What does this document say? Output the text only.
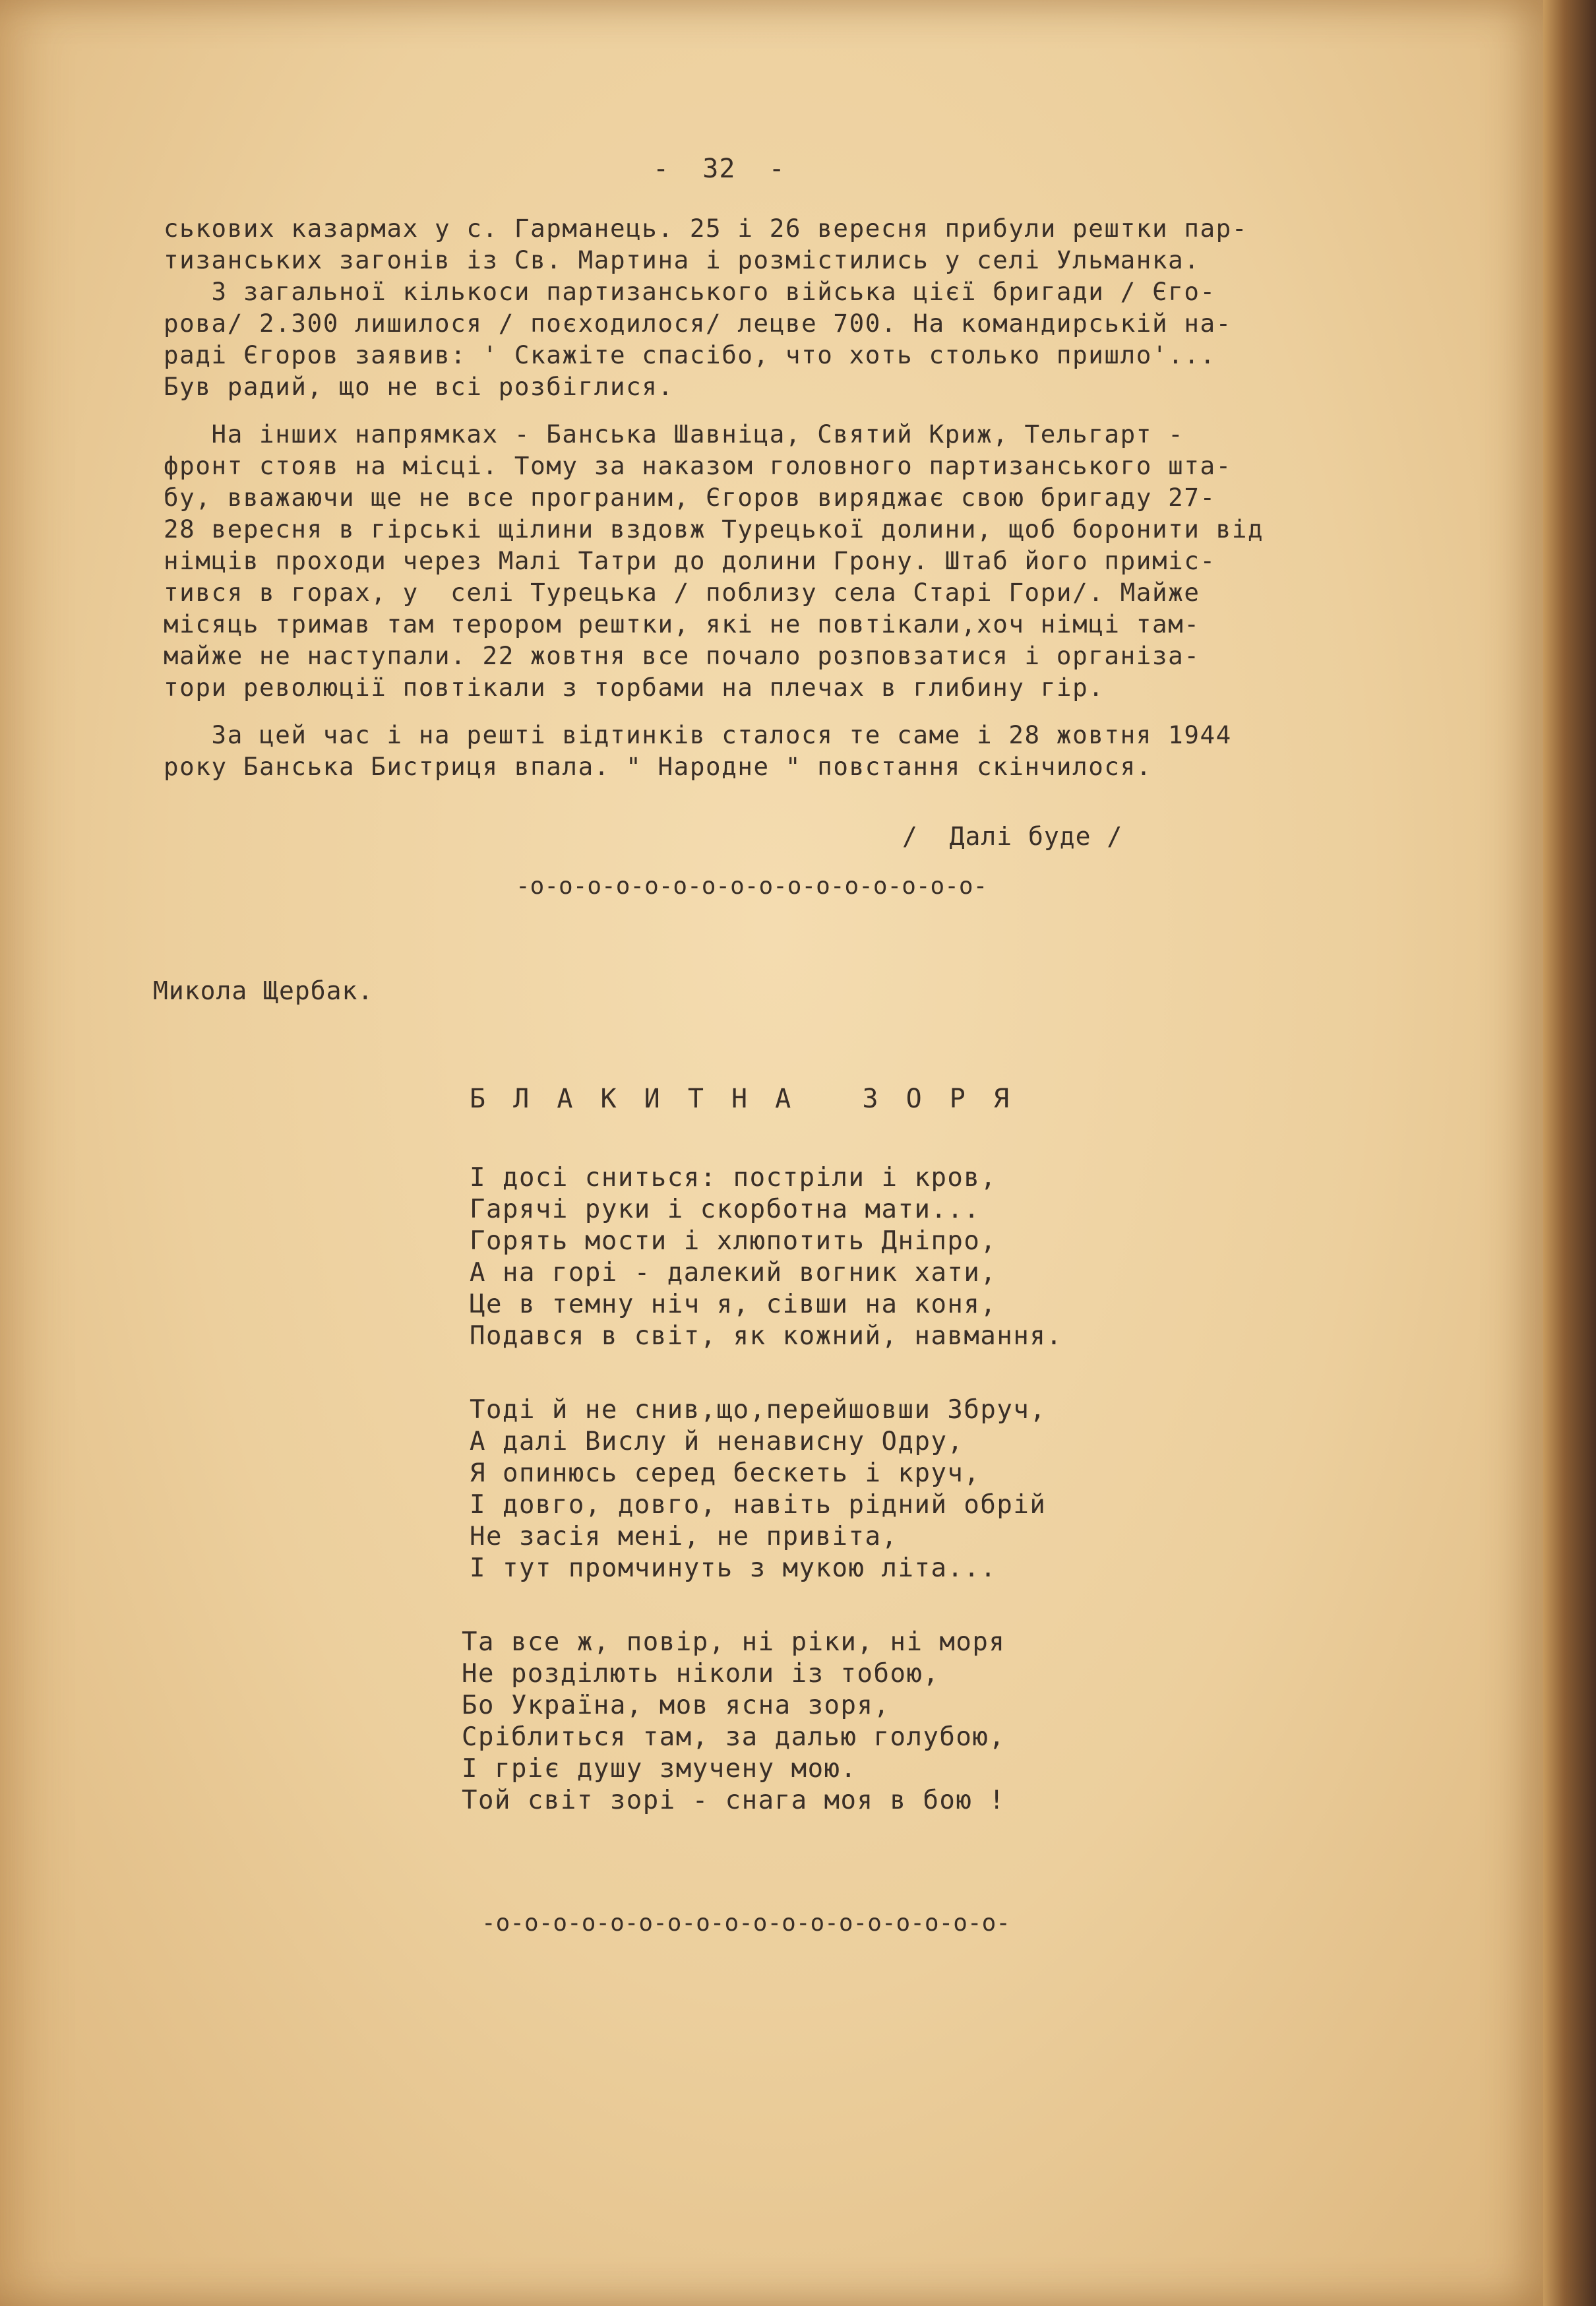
-  32  -
ськових казармах у с. Гарманець. 25 і 26 вересня прибули рештки пар-
тизанських загонів із Св. Мартина і розмістились у селі Ульманка.
З загальної кількоси партизанського війська цієї бригади / Єго-
рова/ 2.300 лишилося / поєходилося/ лецве 700. На командирській на-
раді Єгоров заявив: ' Скажіте спасібо, что хоть столько пришло'...
Був радий, що не всі розбіглися.
На інших напрямках - Банська Шавніца, Святий Криж, Тельгарт -
фронт стояв на місці. Тому за наказом головного партизанського шта-
бу, вважаючи ще не все програним, Єгоров виряджає свою бригаду 27-
28 вересня в гірські щілини вздовж Турецької долини, щоб боронити від
німців проходи через Малі Татри до долини Грону. Штаб його приміс-
тився в горах, у  селі Турецька / поблизу села Старі Гори/. Майже
місяць тримав там терором рештки, які не повтікали,хоч німці там-
майже не наступали. 22 жовтня все почало розповзатися і організа-
тори революції повтікали з торбами на плечах в глибину гір.
За цей час і на решті відтинків сталося те саме і 28 жовтня 1944
року Банська Бистриця впала. " Народне " повстання скінчилося.
/  Далі буде /
-o-o-o-o-o-o-o-o-o-o-o-o-o-o-o-o-
Микола Щербак.
Б Л А К И Т Н А   З О Р Я
І досі сниться: постріли і кров,
Гарячі руки і скорботна мати...
Горять мости і хлюпотить Дніпро,
А на горі - далекий вогник хати,
Це в темну ніч я, сівши на коня,
Подався в світ, як кожний, навмання.
Тоді й не снив,що,перейшовши Збруч,
А далі Вислу й ненависну Одру,
Я опинюсь серед бескеть і круч,
І довго, довго, навіть рідний обрій
Не засія мені, не привіта,
І тут промчинуть з мукою літа...
Та все ж, повір, ні ріки, ні моря
Не розділють ніколи із тобою,
Бо Україна, мов ясна зоря,
Сріблиться там, за далью голубою,
І гріє душу змучену мою.
Той світ зорі - снага моя в бою !
-o-o-o-o-o-o-o-o-o-o-o-o-o-o-o-o-o-o-
